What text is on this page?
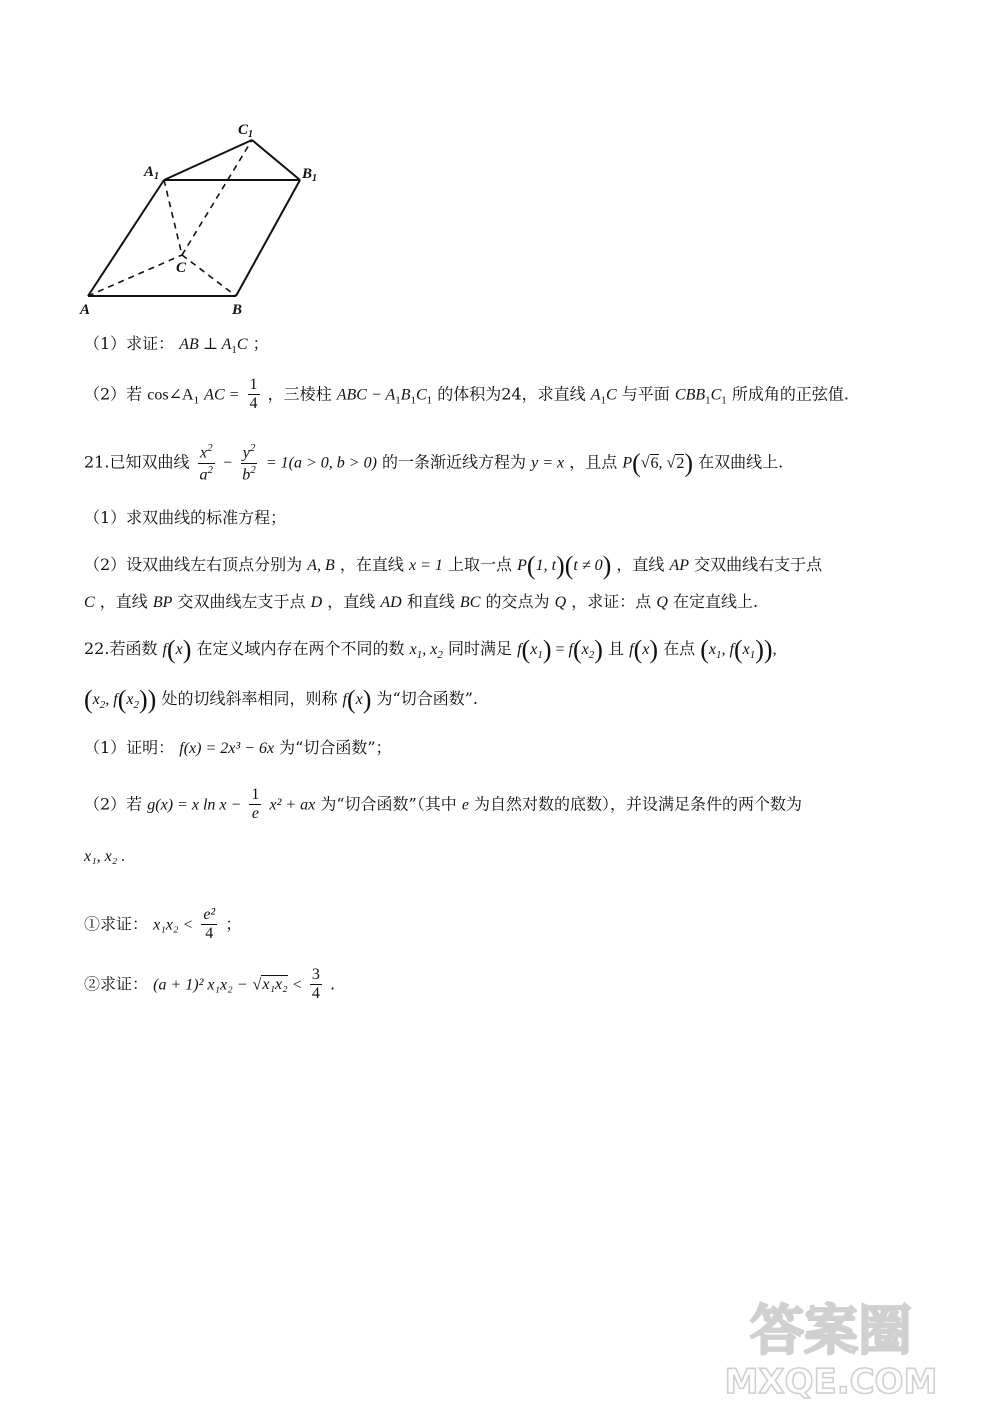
$C_1$
$A_1$	$B_1$
C
A	B
（1）求证： AB ⊥ $A_1C$ ；
（2）若 $\cos\angle A_1$ AC = $\frac{1}{4}$ ，三棱柱 ABC − $A_1B_1C_1$ 的体积为24，求直线 $A_1C$ 与平面 $CBB_1C_1$ 所成角的正弦值.
21.已知双曲线 $\frac{x^2}{a^2} - \frac{y^2}{b^2} = 1(a > 0$, b > 0) 的一条渐近线方程为 y = x ，且点 P(√6, √2) 在双曲线上.
（1）求双曲线的标准方程；
（2）设双曲线左右顶点分别为 A, B ，在直线 x = 1 上取一点 P(1, t)(t ≠ 0) ，直线 AP 交双曲线右支于点
C ，直线 BP 交双曲线左支于点 D ，直线 AD 和直线 BC 的交点为 Q ，求证：点 Q 在定直线上.
22.若函数 f(x) 在定义域内存在两个不同的数 $x_1$, $x_2$ 同时满足 $f(x_1) = f(x_2)$ 且 f(x) 在点 ($x_1$, $f(x_1)$),
($x_2$, $f(x_2)$) 处的切线斜率相同，则称 f(x) 为“切合函数”.
（1）证明： f(x) = 2x³ − 6x 为“切合函数”；
（2）若 g(x) = x $\ln x - \frac{1}{e} x^2$ + ax 为“切合函数”（其中 e 为自然对数的底数），并设满足条件的两个数为
x₁, x₂ .
①求证： $x_1x_2 < \frac{\text{e²}}{4}$ ；
②求证： (a + 1)² $x_1x_2 - √x_1x_2 < \frac{3}{4}$ .
答案圈
MXQE.COM
